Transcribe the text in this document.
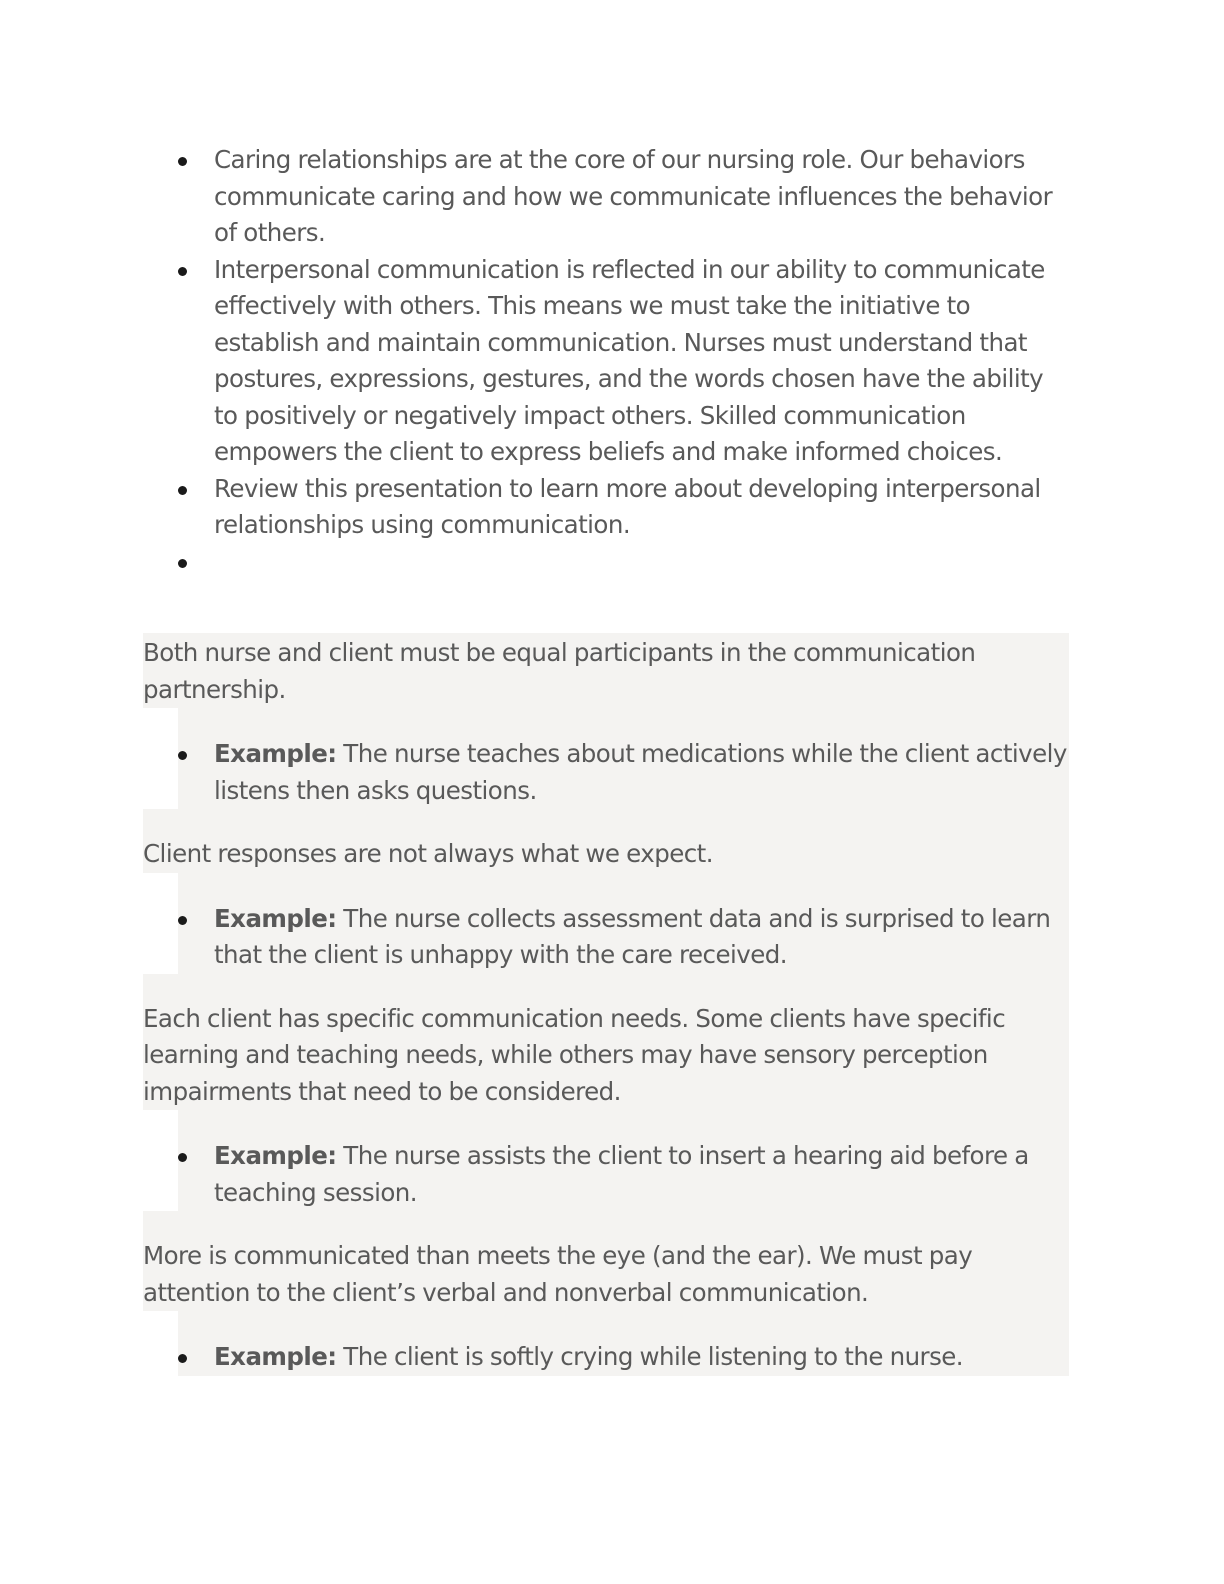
Caring relationships are at the core of our nursing role. Our behaviors communicate caring and how we communicate influences the behavior of others.
Interpersonal communication is reflected in our ability to communicate effectively with others. This means we must take the initiative to establish and maintain communication. Nurses must understand that postures, expressions, gestures, and the words chosen have the ability to positively or negatively impact others. Skilled communication empowers the client to express beliefs and make informed choices.
Review this presentation to learn more about developing interpersonal relationships using communication.

Both nurse and client must be equal participants in the communication partnership.

Example: The nurse teaches about medications while the client actively listens then asks questions.

Client responses are not always what we expect.

Example: The nurse collects assessment data and is surprised to learn that the client is unhappy with the care received.

Each client has specific communication needs. Some clients have specific learning and teaching needs, while others may have sensory perception impairments that need to be considered.

Example: The nurse assists the client to insert a hearing aid before a teaching session.

More is communicated than meets the eye (and the ear). We must pay attention to the client’s verbal and nonverbal communication.

Example: The client is softly crying while listening to the nurse.
